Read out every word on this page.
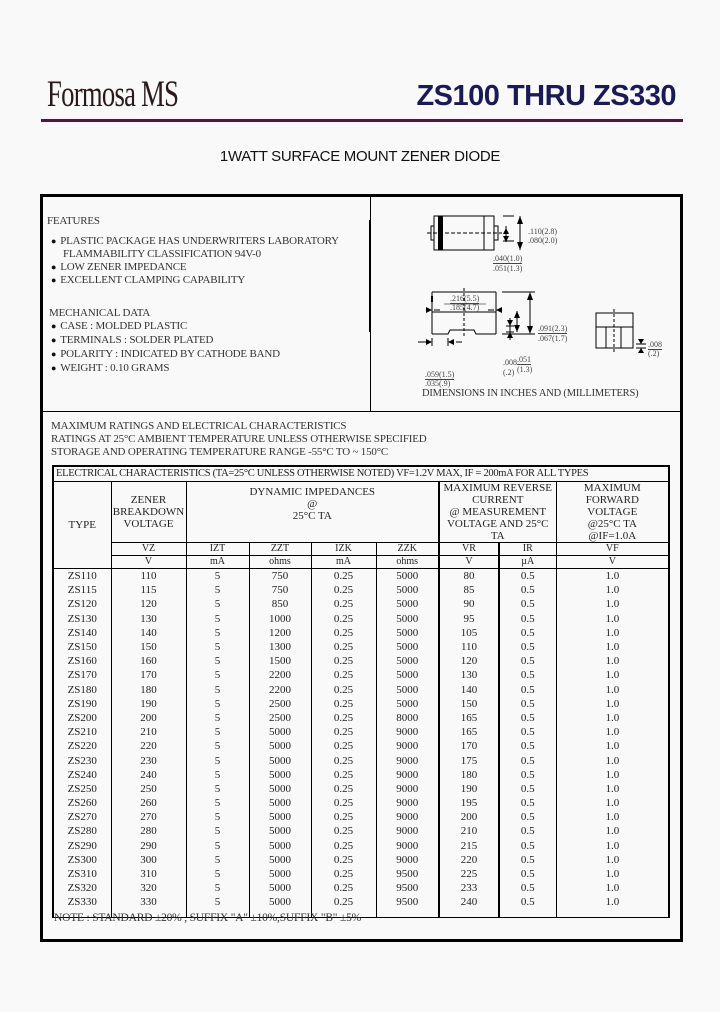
Formosa MS	ZS100 THRU ZS330
1WATT SURFACE MOUNT ZENER DIODE
FEATURES
● PLASTIC PACKAGE HAS UNDERWRITERS LABORATORY
FLAMMABILITY CLASSIFICATION 94V-0
● LOW ZENER IMPEDANCE
● EXCELLENT CLAMPING CAPABILITY
MECHANICAL DATA
● CASE : MOLDED PLASTIC
● TERMINALS : SOLDER PLATED
● POLARITY : INDICATED BY CATHODE BAND
● WEIGHT : 0.10 GRAMS
.110(2.8)
.080(2.0)
.040(1.0)
.051(1.3)
.216(5.5)
.185(4.7)
.091(2.3)
.067(1.7)
.008
(.2)
.051
(1.3)
.059(1.5)
.035(.9)
.008
(.2)
DIMENSIONS IN INCHES AND (MILLIMETERS)
MAXIMUM RATINGS AND ELECTRICAL CHARACTERISTICS
RATINGS AT 25°C AMBIENT TEMPERATURE UNLESS OTHERWISE SPECIFIED
STORAGE AND OPERATING TEMPERATURE RANGE -55°C TO ~ 150°C
ELECTRICAL CHARACTERISTICS (TA=25°C UNLESS OTHERWISE NOTED) VF=1.2V MAX, IF = 200mA FOR ALL TYPES								
TYPE	ZENER BREAKDOWN VOLTAGE	
DYNAMIC IMPEDANCES
@
25°C TA

MAXIMUM REVERSE
CURRENT
@ MEASUREMENT
VOLTAGE AND 25°C TA

MAXIMUM FORWARD
VOLTAGE
@25°C TA
@IF=1.0A

	VZ	IZT	ZZT	IZK	ZZK	VR	IR	VF
	V	mA	ohms	mA	ohms	V	µA	V
ZS110	110	5	750	0.25	5000	80	0.5	1.0
ZS115	115	5	750	0.25	5000	85	0.5	1.0
ZS120	120	5	850	0.25	5000	90	0.5	1.0
ZS130	130	5	1000	0.25	5000	95	0.5	1.0
ZS140	140	5	1200	0.25	5000	105	0.5	1.0
ZS150	150	5	1300	0.25	5000	110	0.5	1.0
ZS160	160	5	1500	0.25	5000	120	0.5	1.0
ZS170	170	5	2200	0.25	5000	130	0.5	1.0
ZS180	180	5	2200	0.25	5000	140	0.5	1.0
ZS190	190	5	2500	0.25	5000	150	0.5	1.0
ZS200	200	5	2500	0.25	8000	165	0.5	1.0
ZS210	210	5	5000	0.25	9000	165	0.5	1.0
ZS220	220	5	5000	0.25	9000	170	0.5	1.0
ZS230	230	5	5000	0.25	9000	175	0.5	1.0
ZS240	240	5	5000	0.25	9000	180	0.5	1.0
ZS250	250	5	5000	0.25	9000	190	0.5	1.0
ZS260	260	5	5000	0.25	9000	195	0.5	1.0
ZS270	270	5	5000	0.25	9000	200	0.5	1.0
ZS280	280	5	5000	0.25	9000	210	0.5	1.0
ZS290	290	5	5000	0.25	9000	215	0.5	1.0
ZS300	300	5	5000	0.25	9000	220	0.5	1.0
ZS310	310	5	5000	0.25	9500	225	0.5	1.0
ZS320	320	5	5000	0.25	9500	233	0.5	1.0
ZS330	330	5	5000	0.25	9500	240	0.5	1.0
NOTE : STANDARD ±20% , SUFFIX "A" ±10%,SUFFIX "B" ±5%
